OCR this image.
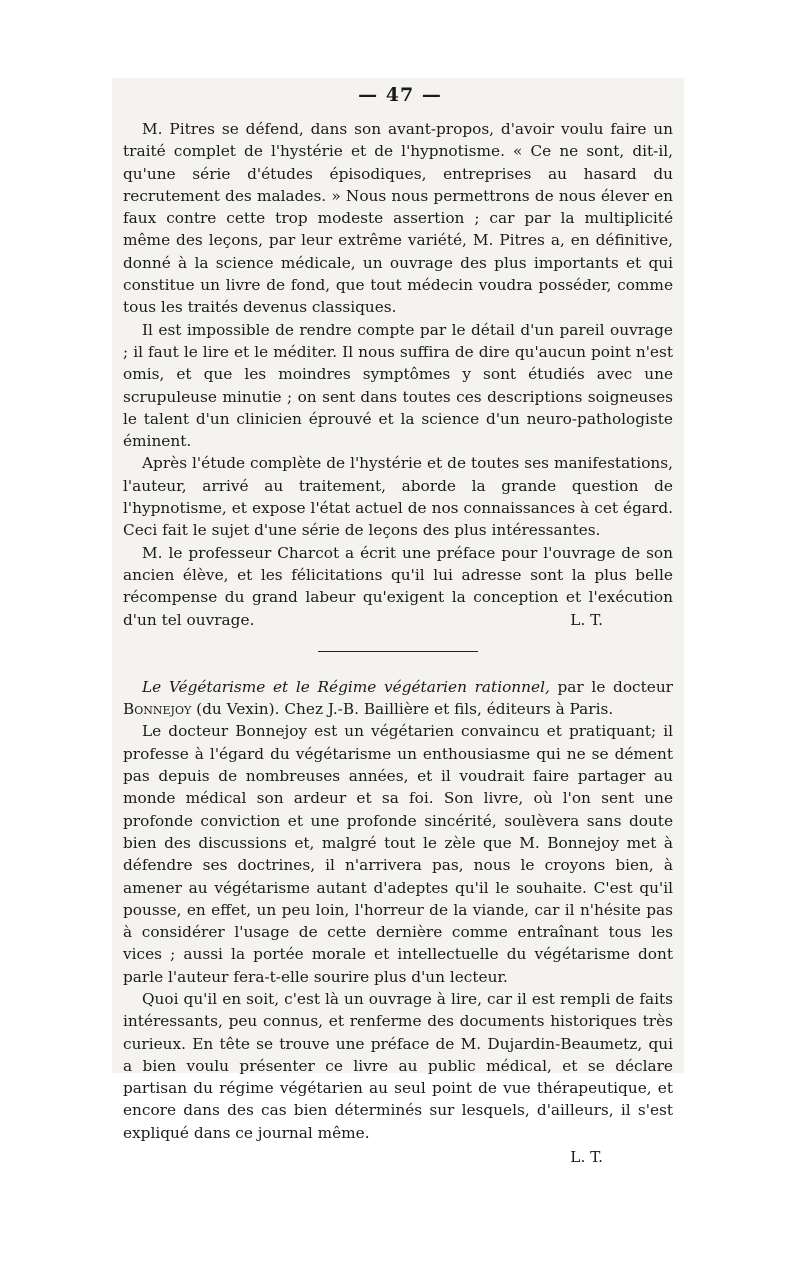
— 47 —

M. Pitres se défend, dans son avant-propos, d'avoir voulu faire un traité complet de l'hystérie et de l'hypnotisme. « Ce ne sont, dit-il, qu'une série d'études épisodiques, entreprises au hasard du recrutement des malades. » Nous nous permettrons de nous élever en faux contre cette trop modeste assertion ; car par la multiplicité même des leçons, par leur extrême variété, M. Pitres a, en définitive, donné à la science médicale, un ouvrage des plus importants et qui constitue un livre de fond, que tout médecin voudra posséder, comme tous les traités devenus classiques.

Il est impossible de rendre compte par le détail d'un pareil ouvrage ; il faut le lire et le méditer. Il nous suffira de dire qu'aucun point n'est omis, et que les moindres symptômes y sont étudiés avec une scrupuleuse minutie ; on sent dans toutes ces descriptions soigneuses le talent d'un clinicien éprouvé et la science d'un neuro-pathologiste éminent.

Après l'étude complète de l'hystérie et de toutes ses manifestations, l'auteur, arrivé au traitement, aborde la grande question de l'hypnotisme, et expose l'état actuel de nos connaissances à cet égard. Ceci fait le sujet d'une série de leçons des plus intéressantes.

M. le professeur Charcot a écrit une préface pour l'ouvrage de son ancien élève, et les félicitations qu'il lui adresse sont la plus belle récompense du grand labeur qu'exigent la conception et l'exécution d'un tel ouvrage.	L. T.

Le Végétarisme et le Régime végétarien rationnel, par le docteur Bonnejoy (du Vexin). Chez J.-B. Baillière et fils, éditeurs à Paris.

Le docteur Bonnejoy est un végétarien convaincu et pratiquant; il professe à l'égard du végétarisme un enthousiasme qui ne se dément pas depuis de nombreuses années, et il voudrait faire partager au monde médical son ardeur et sa foi. Son livre, où l'on sent une profonde conviction et une profonde sincérité, soulèvera sans doute bien des discussions et, malgré tout le zèle que M. Bonnejoy met à défendre ses doctrines, il n'arrivera pas, nous le croyons bien, à amener au végétarisme autant d'adeptes qu'il le souhaite. C'est qu'il pousse, en effet, un peu loin, l'horreur de la viande, car il n'hésite pas à considérer l'usage de cette dernière comme entraînant tous les vices ; aussi la portée morale et intellectuelle du végétarisme dont parle l'auteur fera-t-elle sourire plus d'un lecteur.

Quoi qu'il en soit, c'est là un ouvrage à lire, car il est rempli de faits intéressants, peu connus, et renferme des documents historiques très curieux. En tête se trouve une préface de M. Dujardin-Beaumetz, qui a bien voulu présenter ce livre au public médical, et se déclare partisan du régime végétarien au seul point de vue thérapeutique, et encore dans des cas bien déterminés sur lesquels, d'ailleurs, il s'est expliqué dans ce journal même.

L. T.
